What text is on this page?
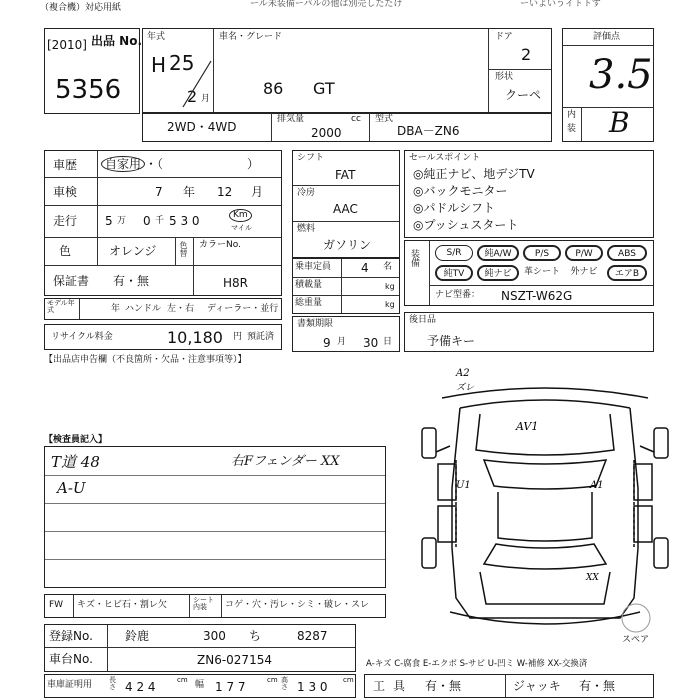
（複合機）対応用紙	ール未装備ーパルの他は別売したたけ	ーいよいうイトトす
[2010] 出品 No.
5356
年式
H 25
2 月
車名・グレード
86 GT
ドア
2
形状
クーペ
評価点
3.5
内
装 B
2WD・4WD
排気量	cc
2000
型式
DBA－ZN6
車歴	自家用 ・（　　　　　　　）
車検	7 年 12 月
走行 5 万 0 千 5 3 0	Km
マイル
色	オレンジ	色替 カラーNo.
H8R
保証書 有・無
モデル年式	年 ハンドル 左・右 ディーラー・並行
リサイクル料金	10,180 円 預託済
シフト
FAT
冷房
AAC
燃料
ガソリン
乗車定員 4 名
積載量	kg
総重量	kg
書類期限
9 月 30 日
セールスポイント
◎純正ナビ、地デジTV
◎バックモニター
◎パドルシフト
◎プッシュスタート
装備
S/R	純A/W	P/S	P/W	ABS
純TV	純ナビ	革シート	外ナビ	エアB
ナビ型番： NSZT-W62G
後日品
予備キー
【出品店申告欄（不良箇所・欠品・注意事項等）】
【検査員記入】
T道 48
A-U
右Fフェンダー XX
FW キズ・ヒビ石・割レ欠	シート内装	コゲ・穴・汚レ・シミ・破レ・スレ
A2
ズレ
AV1
U1	A1
XX
スペア
登録No.	鈴鹿	300 ち	8287
車台No.	ZN6-027154
車庫証明用 長さ 4 2 4	cm 幅 1 7 7	cm 高さ 1 3 0 cm
A-キズ C-腐食 E-エクボ S-サビ U-凹ミ W-補修 XX-交換済
工具 有・無	ジャッキ 有・無
